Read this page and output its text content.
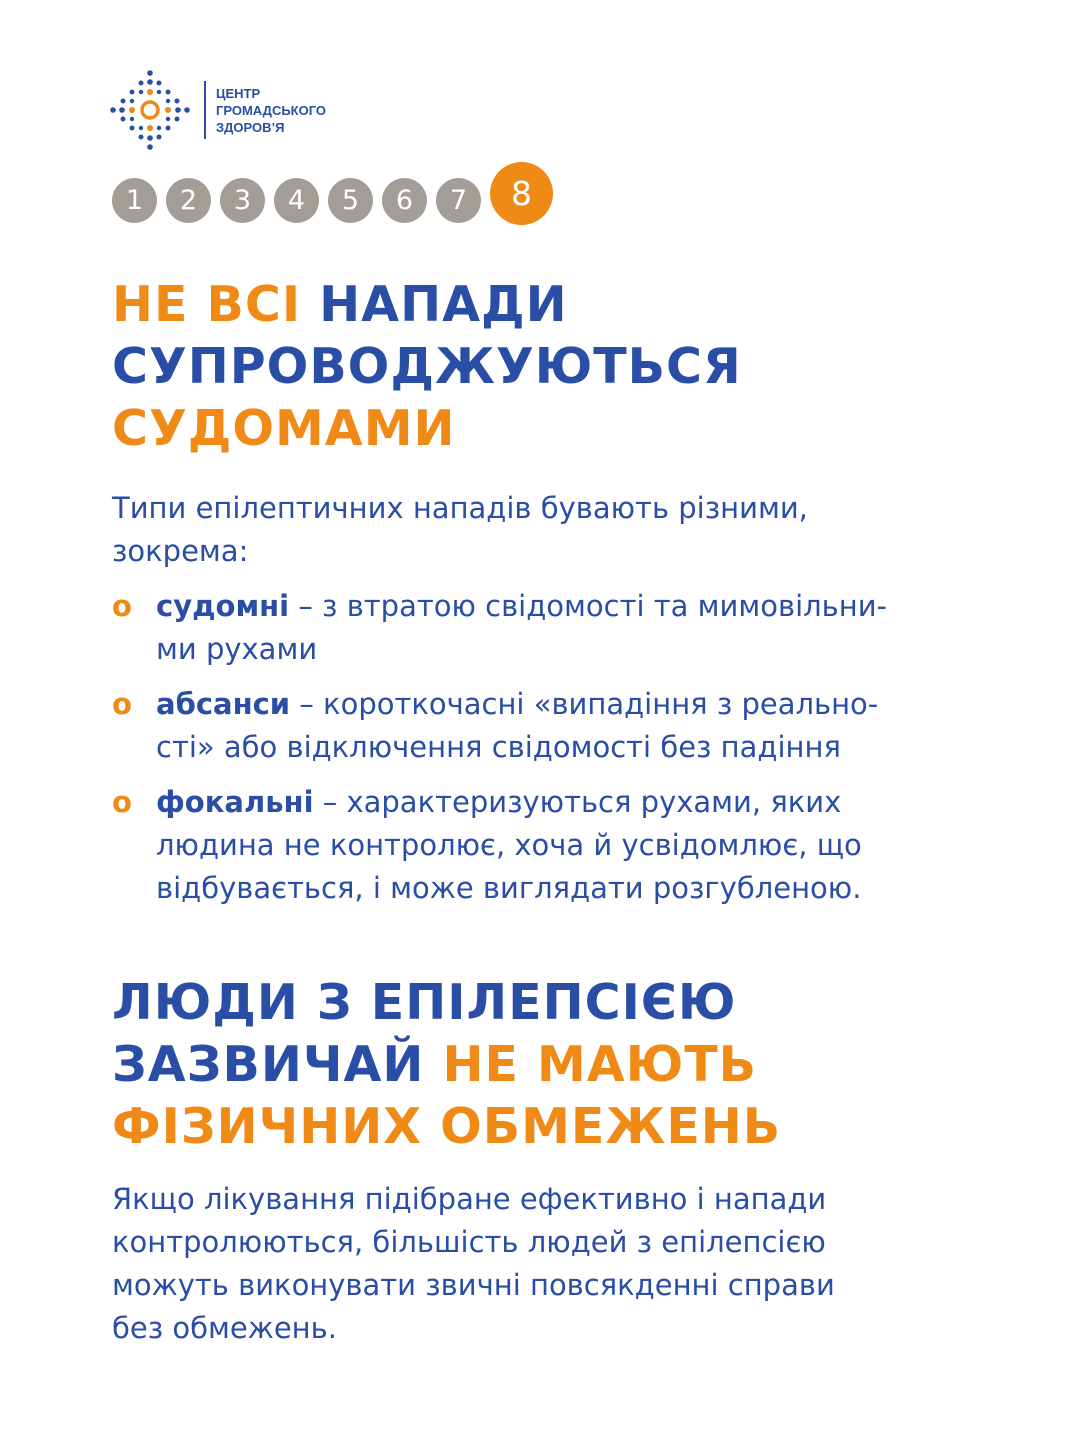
ЦЕНТР
ГРОМАДСЬКОГО
ЗДОРОВ’Я
1	2	3	4	5	6	7	8
НЕ ВСІ НАПАДИ
СУПРОВОДЖУЮТЬСЯ
СУДОМАМИ

Типи епілептичних нападів бувають різними,
зокрема:

о судомні – з втратою свідомості та мимовільни-
ми рухами
о абсанси – короткочасні «випадіння з реально-
сті» або відключення свідомості без падіння
о фокальні – характеризуються рухами, яких
людина не контролює, хоча й усвідомлює, що
відбувається, і може виглядати розгубленою.
ЛЮДИ З ЕПІЛЕПСІЄЮ
ЗАЗВИЧАЙ НЕ МАЮТЬ
ФІЗИЧНИХ ОБМЕЖЕНЬ

Якщо лікування підібране ефективно і напади
контролюються, більшість людей з епілепсією
можуть виконувати звичні повсякденні справи
без обмежень.
